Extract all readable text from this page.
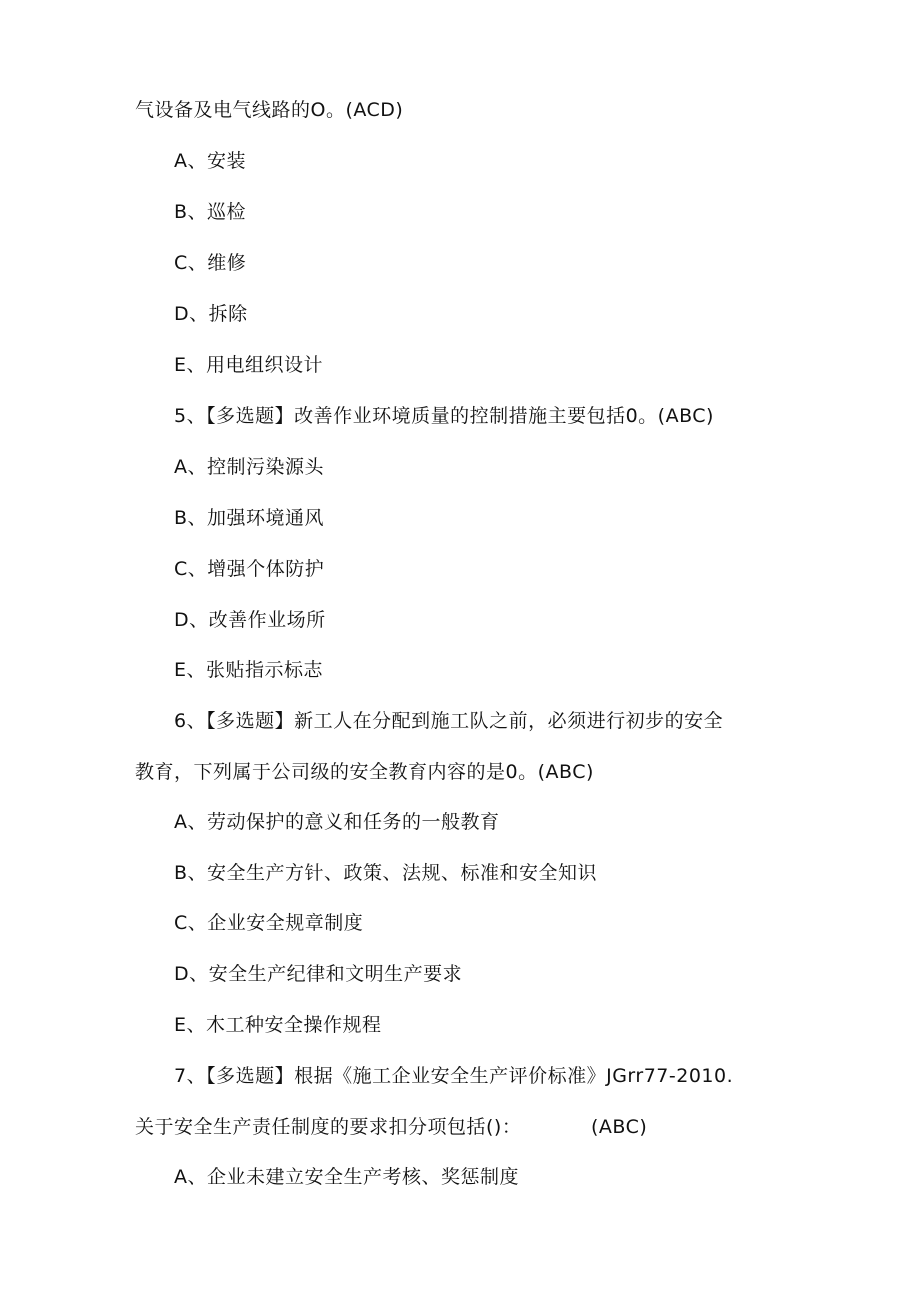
气设备及电气线路的O。(ACD)
A、安装
B、巡检
C、维修
D、拆除
E、用电组织设计
5、【多选题】改善作业环境质量的控制措施主要包括0。(ABC)
A、控制污染源头
B、加强环境通风
C、增强个体防护
D、改善作业场所
E、张贴指示标志
6、【多选题】新工人在分配到施工队之前，必须进行初步的安全
教育，下列属于公司级的安全教育内容的是0。(ABC)
A、劳动保护的意义和任务的一般教育
B、安全生产方针、政策、法规、标准和安全知识
C、企业安全规章制度
D、安全生产纪律和文明生产要求
E、木工种安全操作规程
7、【多选题】根据《施工企业安全生产评价标准》JGrr77-2010.
关于安全生产责任制度的要求扣分项包括()：	(ABC)
A、企业未建立安全生产考核、奖惩制度
